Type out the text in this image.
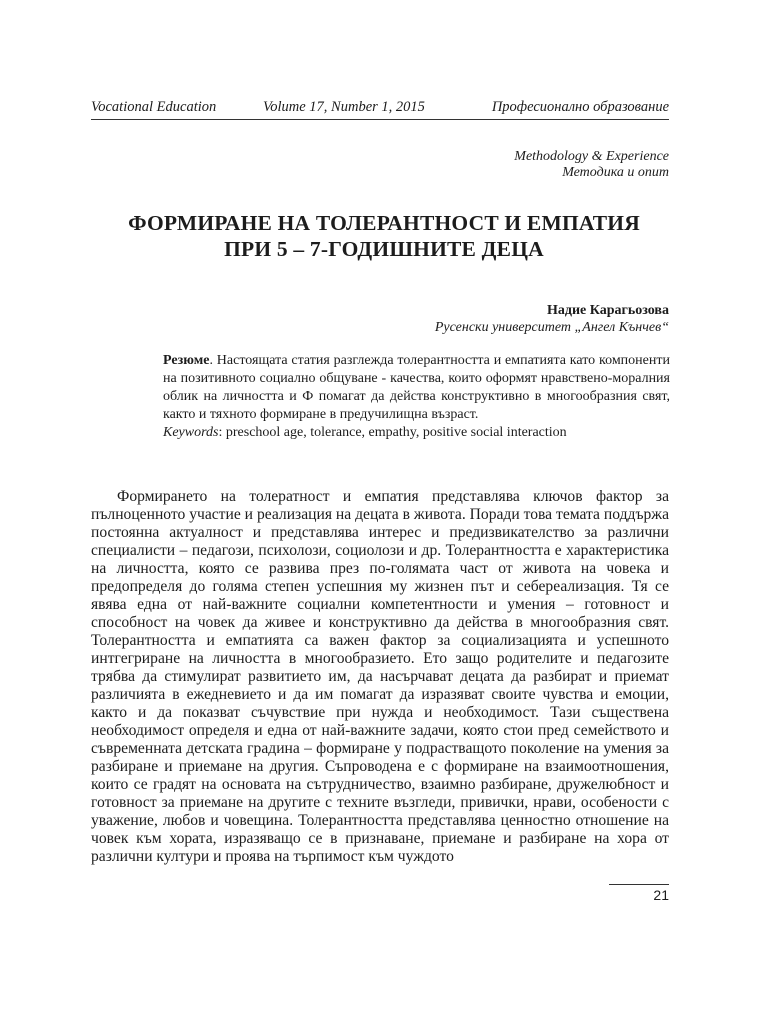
Vocational Education	Volume 17, Number 1, 2015	Професионално образование
Methodology & Experience
Методика и опит
ФОРМИРАНЕ НА ТОЛЕРАНТНОСТ И ЕМПАТИЯ
ПРИ 5 – 7-ГОДИШНИТЕ ДЕЦА
Надие Карагьозова
Русенски университет „Ангел Кънчев“

Резюме. Настоящата статия разглежда толерантността и емпатията като компоненти на позитивното социално общуване - качества, които оформят нравствено-моралния облик на личността и Ф помагат да действа конструктивно в многообразния свят, както и тяхното формиране в предучилищна възраст.

Keywords: preschool age, tolerance, empathy, positive social interaction

Формирането на толератност и емпатия представлява ключов фактор за пълноценното участие и реализация на децата в живота. Поради това темата поддържа постоянна актуалност и представлява интерес и предизвикателство за различни специалисти – педагози, психолози, социолози и др. Толерантността е характеристика на личността, която се развива през по-голямата част от живота на човека и предопределя до голяма степен успешния му жизнен път и себереализация. Тя се явява една от най-важните социални компетентности и умения – готовност и способност на човек да живее и конструктивно да действа в многообразния свят. Толерантността и емпатията са важен фактор за социализацията и успешното интгегриране на личността в многообразието. Ето защо родителите и педагозите трябва да стимулират развитието им, да насърчават децата да разбират и приемат различията в ежедневието и да им помагат да изразяват своите чувства и емоции, както и да показват съчувствие при нужда и необходимост. Тази съществена необходимост определя и една от най-важните задачи, която стои пред семейството и съвременната детската градина – формиране у подрастващото поколение на умения за разбиране и приемане на другия. Съпроводена е с формиране на взаимоотношения, които се градят на основата на сътрудничество, взаимно разбиране, дружелюбност и готовност за приемане на другите с техните възгледи, привички, нрави, особености с уважение, любов и човещина. Толерантността представлява ценностно отношение на човек към хората, изразяващо се в признаване, приемане и разбиране на хора от различни култури и проява на търпимост към чуждото

21
